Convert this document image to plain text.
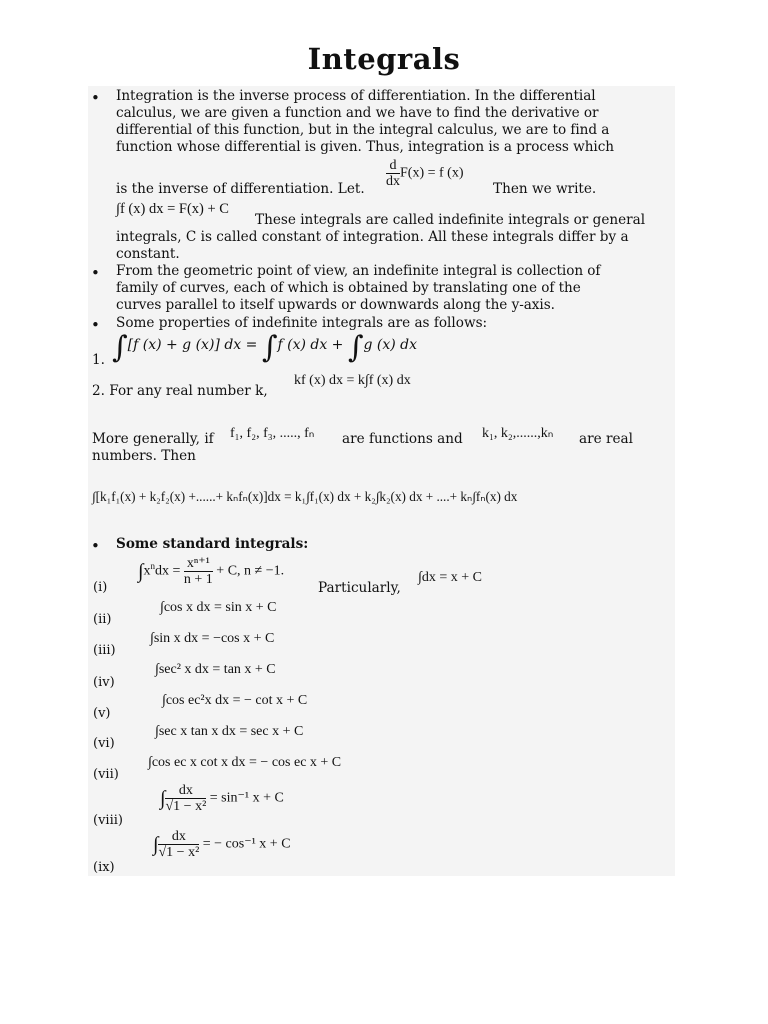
Integrals
• Integration is the inverse process of differentiation. In the differential
calculus, we are given a function and we have to find the derivative or
differential of this function, but in the integral calculus, we are to find a
function whose differential is given. Thus, integration is a process which
is the inverse of differentiation. Let. $\frac{d}{dx} F(x) = f$ (x)
Then we write.
∫f (x) dx = F(x) + C
These integrals are called indefinite integrals or general
integrals, C is called constant of integration. All these integrals differ by a
constant.
• From the geometric point of view, an indefinite integral is collection of
family of curves, each of which is obtained by translating one of the
curves parallel to itself upwards or downwards along the y-axis.
• Some properties of indefinite integrals are as follows:
1. ∫[f (x) + g (x)] dx = ∫f (x) dx + ∫g (x) dx
2. For any real number k,
kf (x) dx = k∫f (x) dx
More generally, if f₁, f₂, f₃, ....., fₙ are functions and k₁, k₂,......,kₙ are real
numbers. Then
∫[k₁f₁(x) + k₂f₂(x) +......+ kₙfₙ(x)]dx = k₁∫f₁(x) dx + k₂∫k₂(x) dx + ....+ kₙ∫fₙ(x) dx
• Some standard integrals:
(i)
$\int x^ndx = \frac{\text{xⁿ⁺¹}}{n + 1} + C$, n ≠ −1.
Particularly,
∫dx = x + C
(ii)
∫cos x dx = sin x + C
(iii)
∫sin x dx = −cos x + C
(iv)
∫sec² x dx = tan x + C
(v)
∫cos ec²x dx = − cot x + C
(vi)
∫sec x tan x dx = sec x + C
(vii)
∫cos ec x cot x dx = − cos ec x + C
(viii)
∫ $\frac{dx}{\text{√1 − x²}} = \sin^{-1}$ x + C
(ix)
∫ $\frac{dx}{\text{√1 − x²}}$ = − cos⁻¹ x + C
